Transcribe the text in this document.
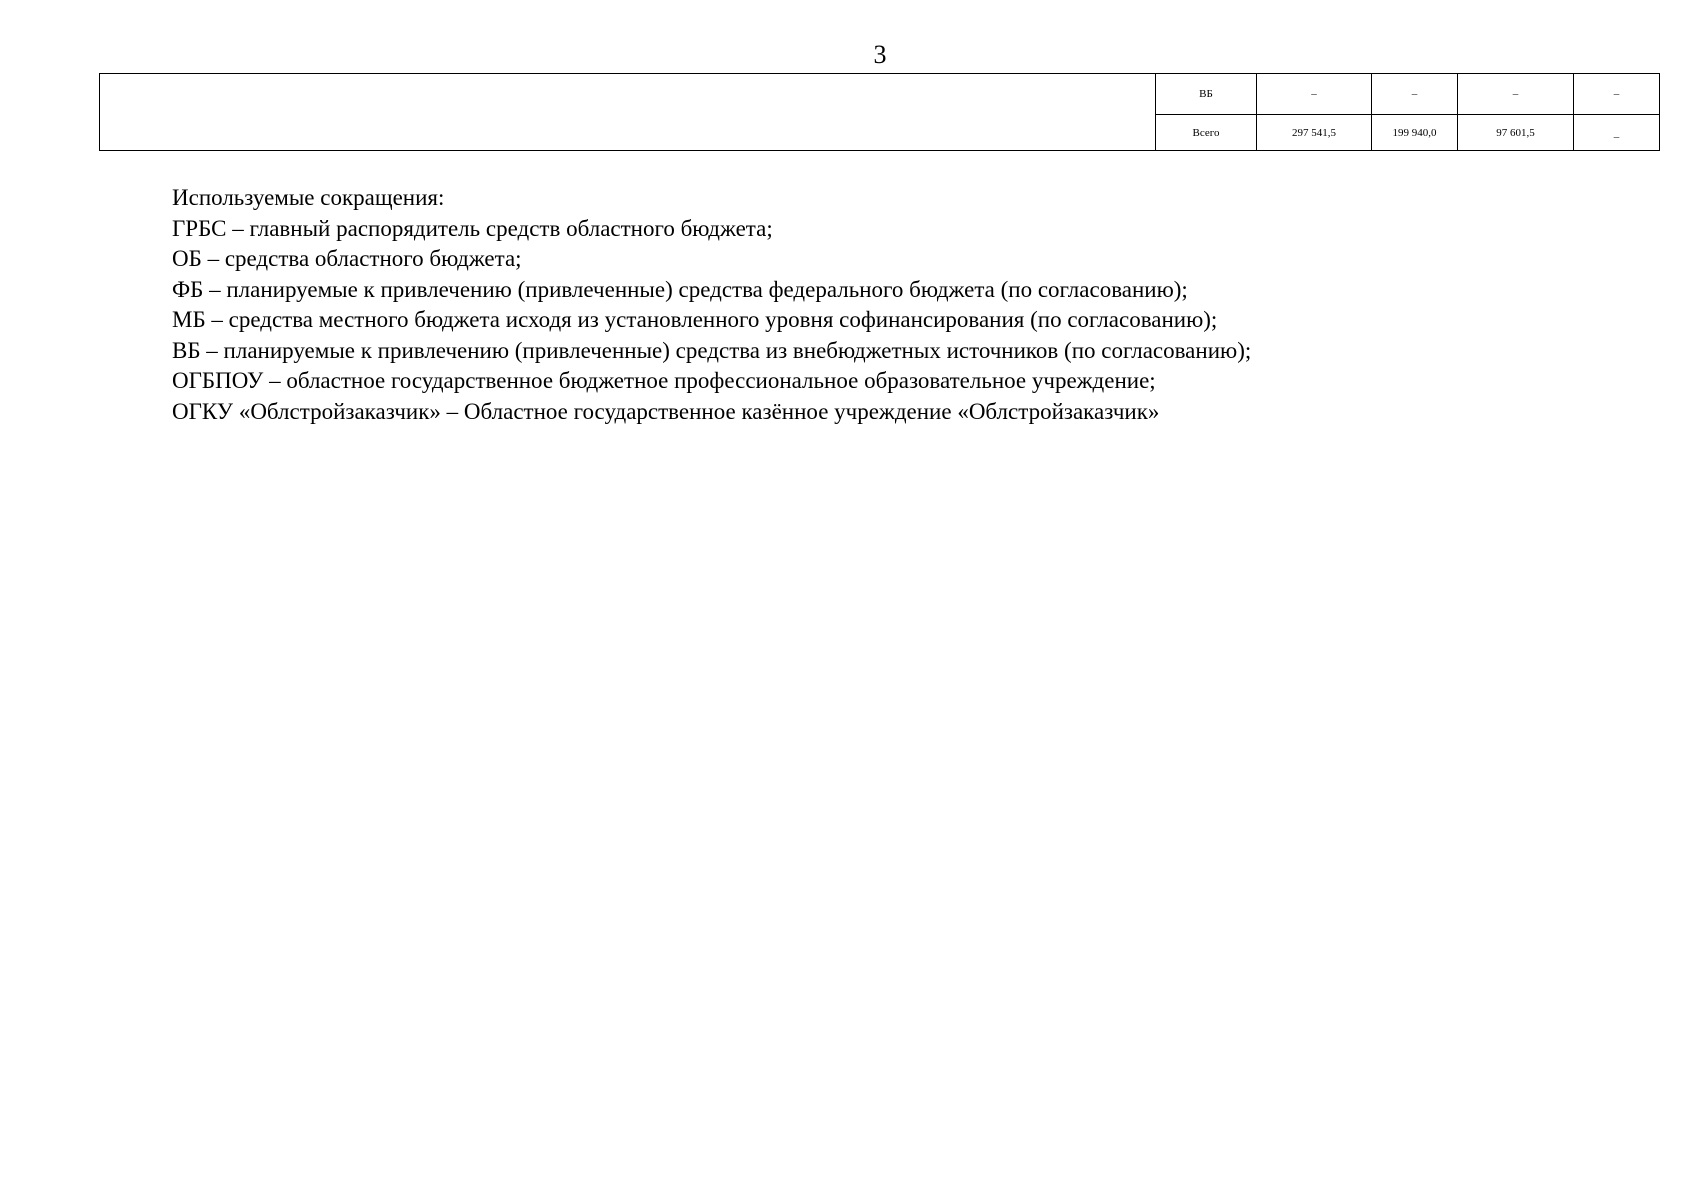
3
	ВБ	–	–	–	–
	Всего	297 541,5	199 940,0	97 601,5	_
Используемые сокращения:
ГРБС – главный распорядитель средств областного бюджета;
ОБ – средства областного бюджета;
ФБ – планируемые к привлечению (привлеченные) средства федерального бюджета (по согласованию);
МБ – средства местного бюджета исходя из установленного уровня софинансирования (по согласованию);
ВБ – планируемые к привлечению (привлеченные) средства из внебюджетных источников (по согласованию);
ОГБПОУ – областное государственное бюджетное профессиональное образовательное учреждение;
ОГКУ «Облстройзаказчик» – Областное государственное казённое учреждение «Облстройзаказчик»
